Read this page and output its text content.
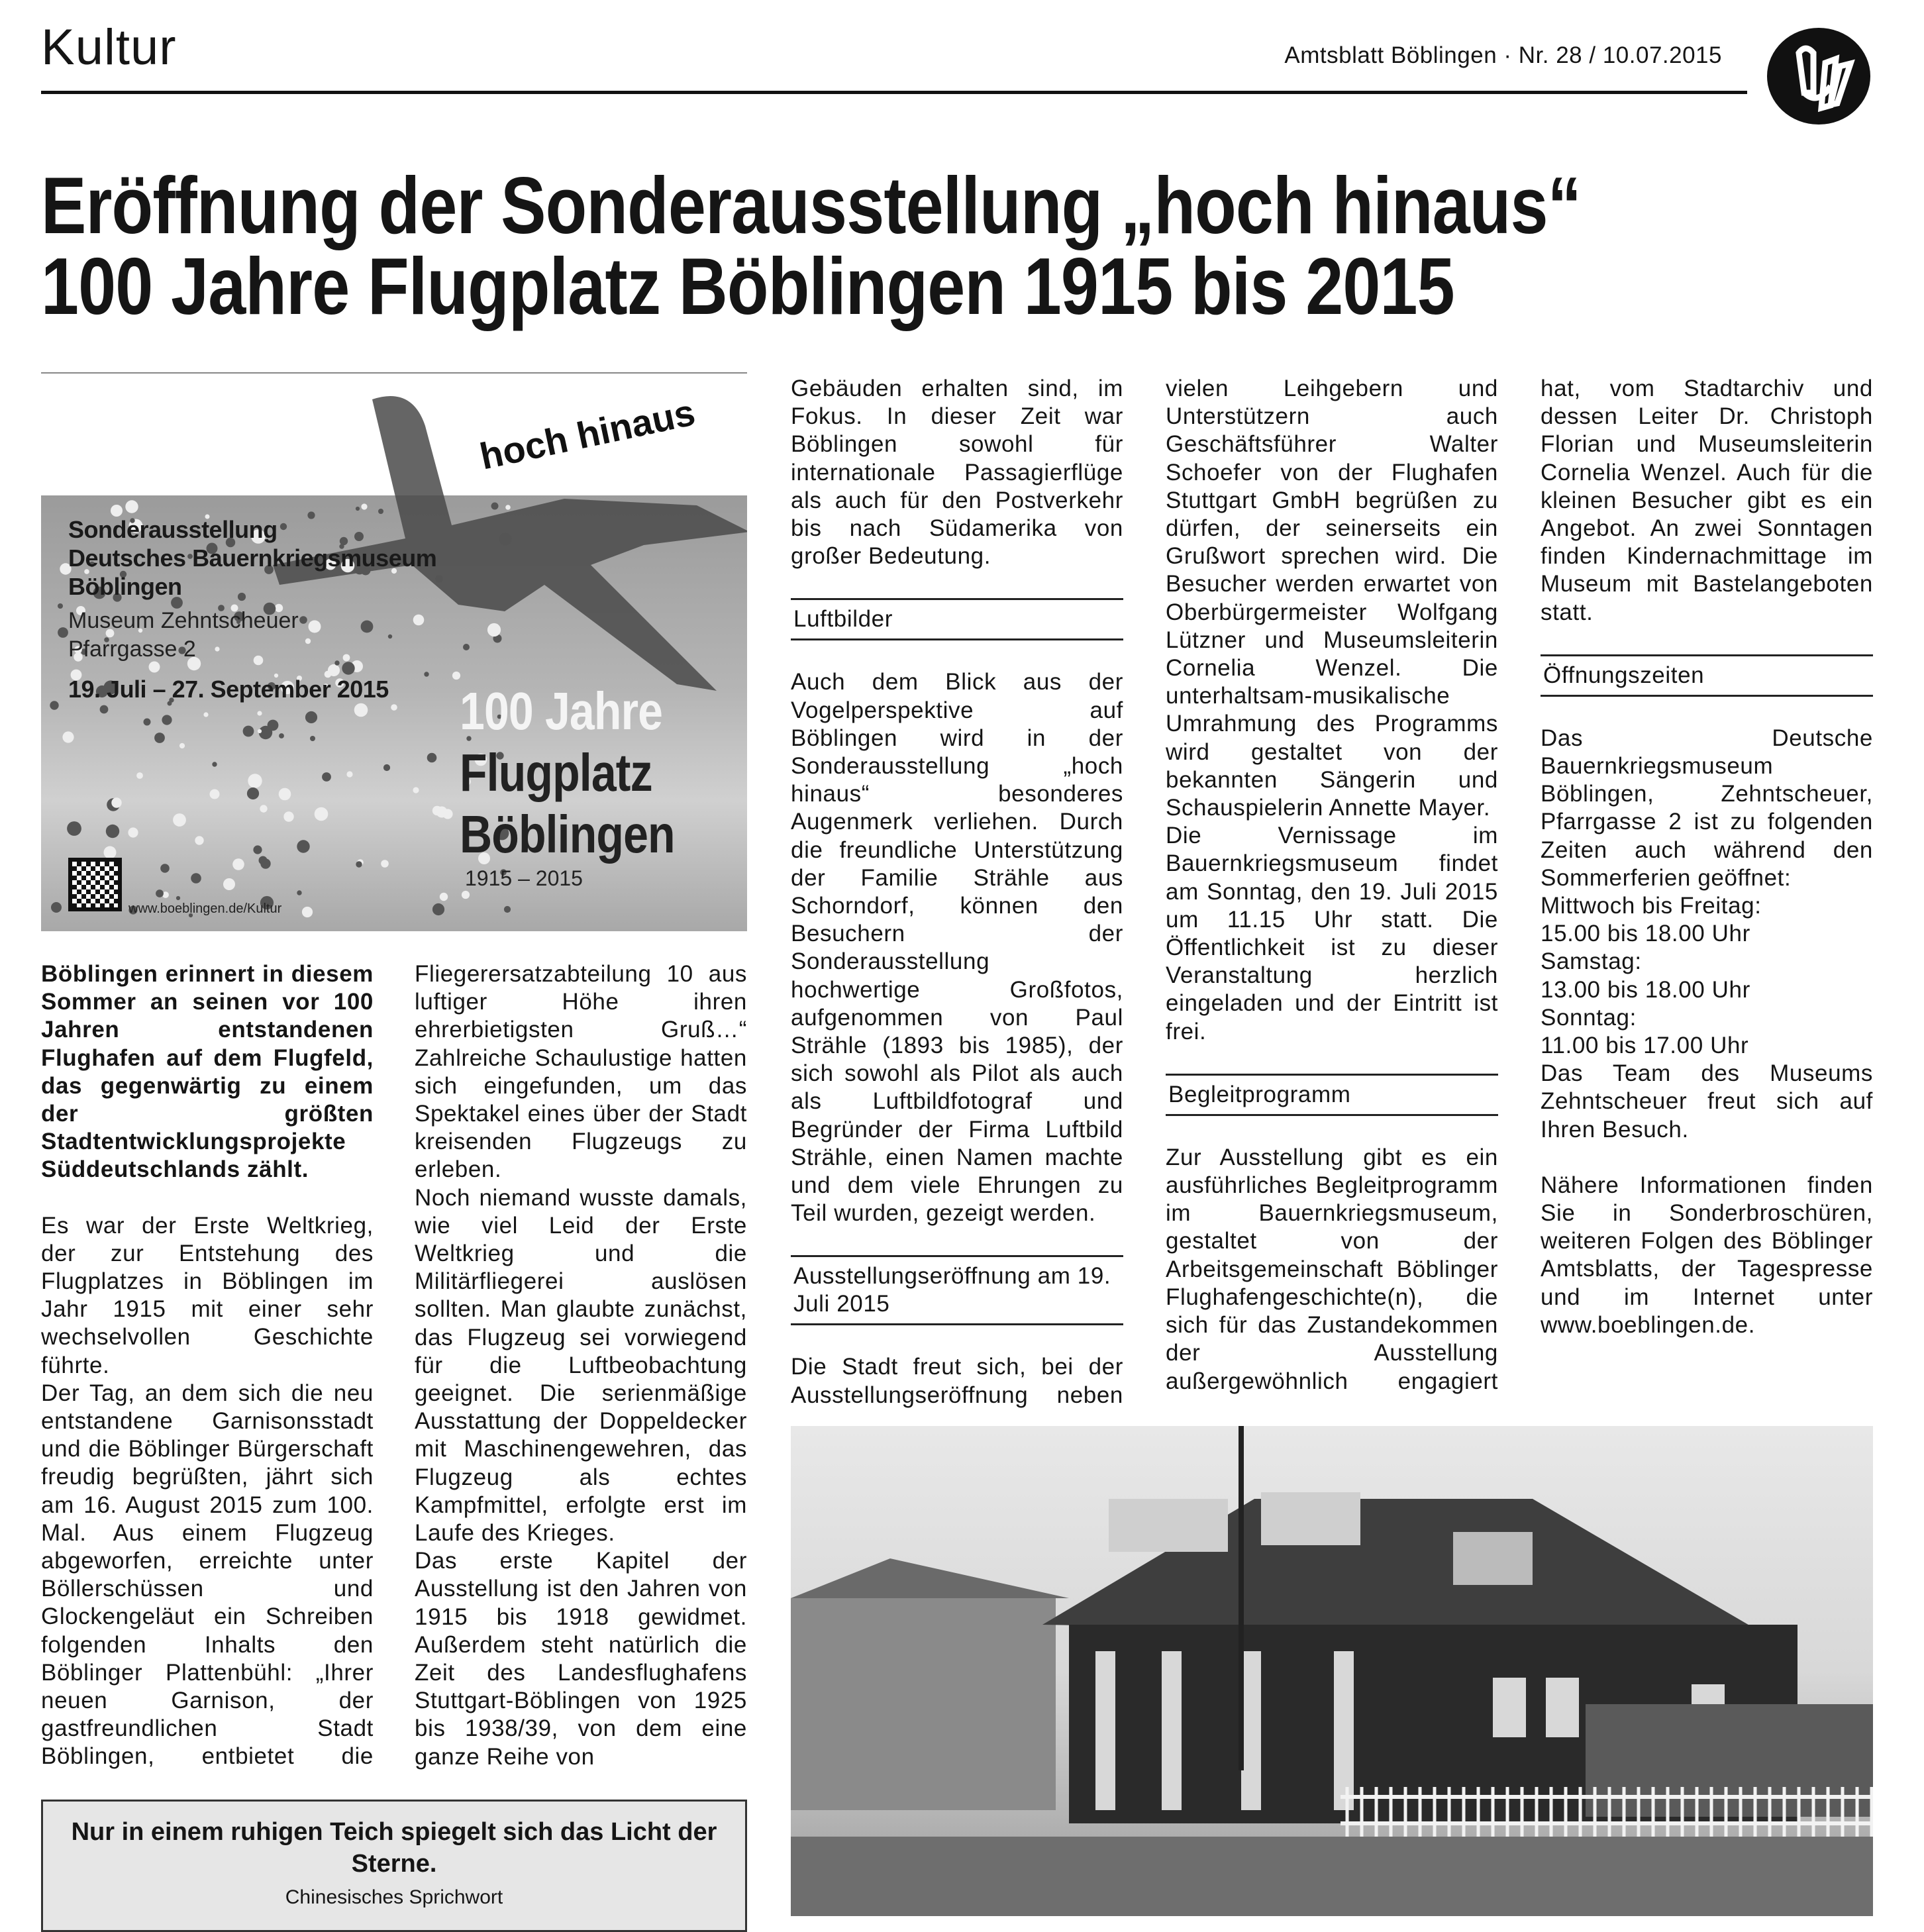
Kultur	Amtsblatt Böblingen · Nr. 28 / 10.07.2015
Eröffnung der Sonderausstellung „hoch hinaus“
100 Jahre Flugplatz Böblingen 1915 bis 2015
hoch hinaus
Sonderausstellung
Deutsches Bauernkriegsmuseum
Böblingen
Museum Zehntscheuer
Pfarrgasse 2
19. Juli – 27. September 2015 100 Jahre
Flugplatz
Böblingen
1915 – 2015
www.boeblingen.de/Kultur

Böblingen erinnert in diesem Sommer an seinen vor 100 Jahren entstandenen Flughafen auf dem Flugfeld, das gegenwärtig zu einem der größten Stadtentwicklungsprojekte Süddeutschlands zählt.

Es war der Erste Weltkrieg, der zur Entstehung des Flugplatzes in Böblingen im Jahr 1915 mit einer sehr wechselvollen Geschichte führte.

Der Tag, an dem sich die neu entstandene Garnisonsstadt und die Böblinger Bürgerschaft freudig begrüßten, jährt sich am 16. August 2015 zum 100. Mal. Aus einem Flugzeug abgeworfen, erreichte unter Böllerschüssen und Glockengeläut ein Schreiben folgenden Inhalts den Böblinger Plattenbühl: „Ihrer neuen Garnison, der gastfreundlichen Stadt Böblingen, entbietet die Fliegerersatzabteilung 10 aus luftiger Höhe ihren ehrerbietigsten Gruß…“ Zahlreiche Schaulustige hatten sich eingefunden, um das Spektakel eines über der Stadt kreisenden Flugzeugs zu erleben.

Noch niemand wusste damals, wie viel Leid der Erste Weltkrieg und die Militärfliegerei auslösen sollten. Man glaubte zunächst, das Flugzeug sei vorwiegend für die Luftbeobachtung geeignet. Die serienmäßige Ausstattung der Doppeldecker mit Maschinengewehren, das Flugzeug als echtes Kampfmittel, erfolgte erst im Laufe des Krieges.

Das erste Kapitel der Ausstellung ist den Jahren von 1915 bis 1918 gewidmet. Außerdem steht natürlich die Zeit des Landesflughafens Stuttgart-Böblingen von 1925 bis 1938/39, von dem eine ganze Reihe von

Gebäuden erhalten sind, im Fokus. In dieser Zeit war Böblingen sowohl für internationale Passagierflüge als auch für den Postverkehr bis nach Südamerika von großer Bedeutung.

Luftbilder

Auch dem Blick aus der Vogelperspektive auf Böblingen wird in der Sonderausstellung „hoch hinaus“ besonderes Augenmerk verliehen. Durch die freundliche Unterstützung der Familie Strähle aus Schorndorf, können den Besuchern der Sonderausstellung hochwertige Großfotos, aufgenommen von Paul Strähle (1893 bis 1985), der sich sowohl als Pilot als auch als Luftbildfotograf und Begründer der Firma Luftbild Strähle, einen Namen machte und dem viele Ehrungen zu Teil wurden, gezeigt werden.

Ausstellungseröffnung am 19. Juli 2015

Die Stadt freut sich, bei der Ausstellungseröffnung neben vielen Leihgebern und Unterstützern auch Geschäftsführer Walter Schoefer von der Flughafen Stuttgart GmbH begrüßen zu dürfen, der seinerseits ein Grußwort sprechen wird. Die Besucher werden erwartet von Oberbürgermeister Wolfgang Lützner und Museumsleiterin Cornelia Wenzel. Die unterhaltsam-musikalische Umrahmung des Programms wird gestaltet von der bekannten Sängerin und Schauspielerin Annette Mayer.

Die Vernissage im Bauernkriegsmuseum findet am Sonntag, den 19. Juli 2015 um 11.15 Uhr statt. Die Öffentlichkeit ist zu dieser Veranstaltung herzlich eingeladen und der Eintritt ist frei.

Begleitprogramm

Zur Ausstellung gibt es ein ausführliches Begleitprogramm im Bauernkriegsmuseum, gestaltet von der Arbeitsgemeinschaft Böblinger Flughafengeschichte(n), die sich für das Zustandekommen der Ausstellung außergewöhnlich engagiert hat, vom Stadtarchiv und dessen Leiter Dr. Christoph Florian und Museumsleiterin Cornelia Wenzel. Auch für die kleinen Besucher gibt es ein Angebot. An zwei Sonntagen finden Kindernachmittage im Museum mit Bastelangeboten statt.

Öffnungszeiten

Das Deutsche Bauernkriegsmuseum Böblingen, Zehntscheuer, Pfarrgasse 2 ist zu folgenden Zeiten auch während den Sommerferien geöffnet:

Mittwoch bis Freitag:
15.00 bis 18.00 Uhr
Samstag:
13.00 bis 18.00 Uhr
Sonntag:
11.00 bis 17.00 Uhr

Das Team des Museums Zehntscheuer freut sich auf Ihren Besuch.

Nähere Informationen finden Sie in Sonderbroschüren, weiteren Folgen des Böblinger Amtsblatts, der Tagespresse und im Internet unter www.boeblingen.de.

Nur in einem ruhigen Teich spiegelt sich das Licht der Sterne.
Chinesisches Sprichwort
